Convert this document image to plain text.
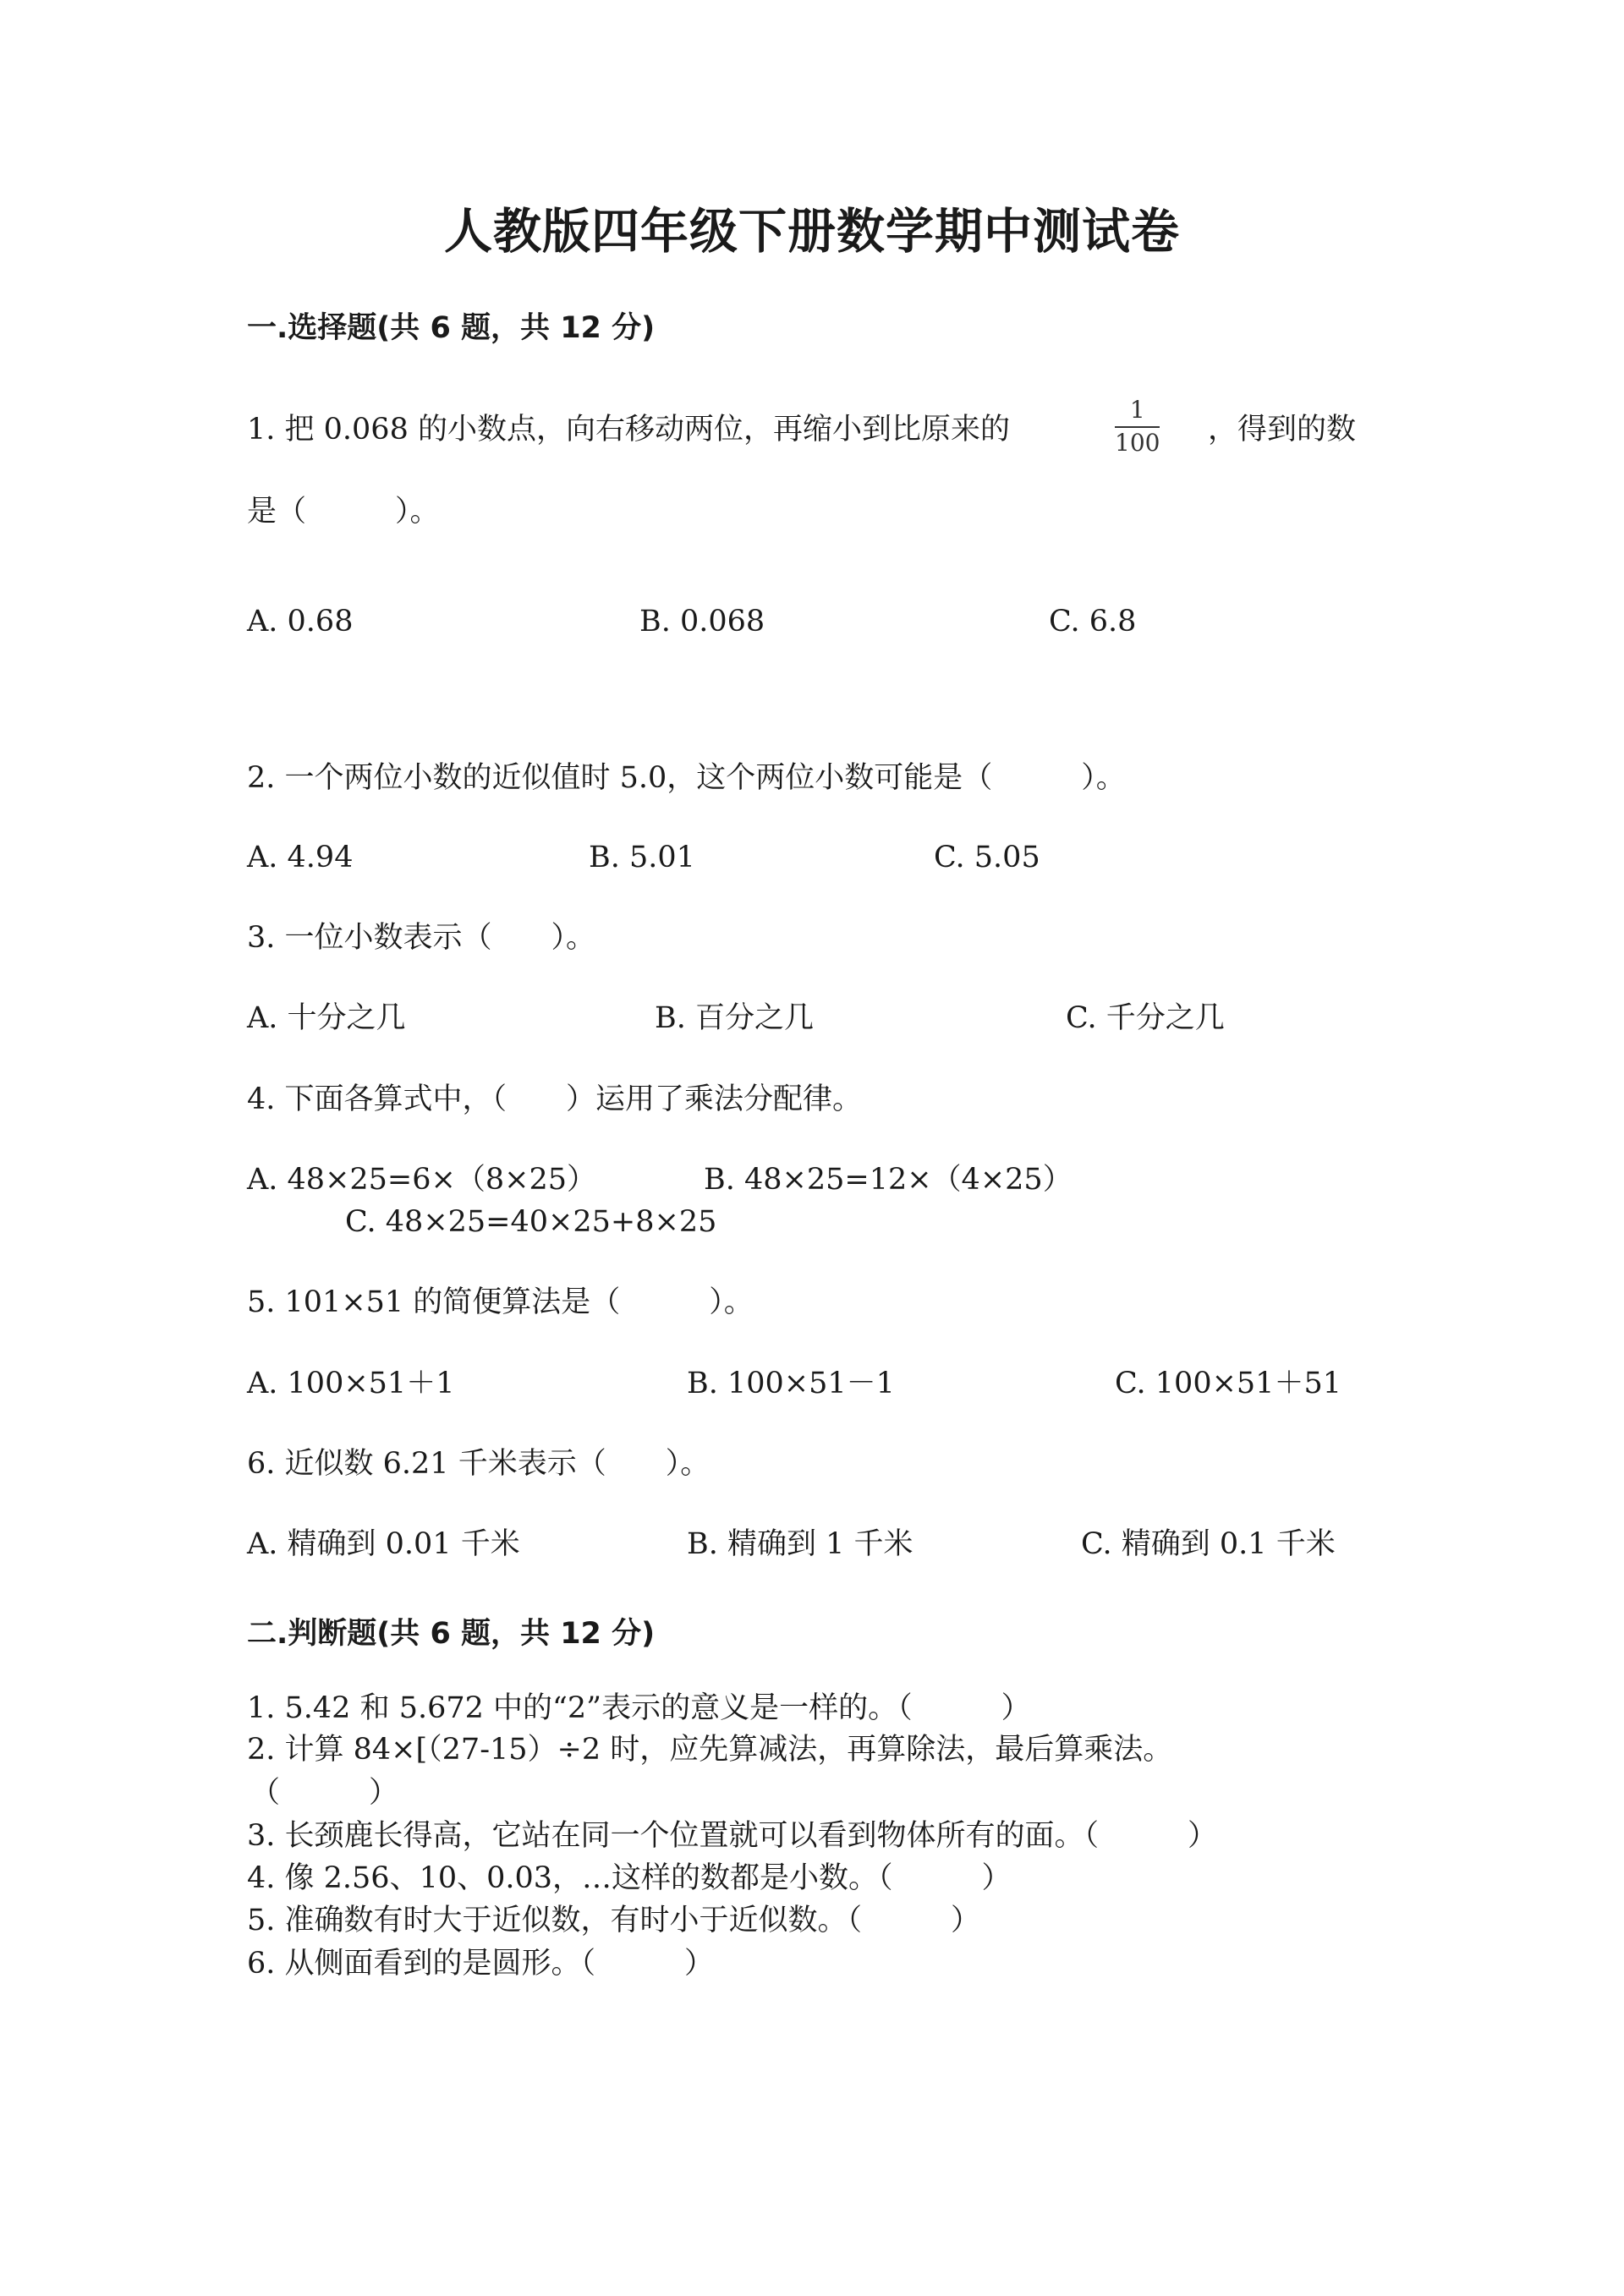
人教版四年级下册数学期中测试卷
一.选择题(共 6 题，共 12 分)
1. 把 0.068 的小数点，向右移动两位，再缩小到比原来的	$\frac{1}{100}$ ，得到的数
是（　　　）。
A. 0.68	B. 0.068	C. 6.8
2. 一个两位小数的近似值时 5.0，这个两位小数可能是（　　　）。
A. 4.94	B. 5.01	C. 5.05
3. 一位小数表示（　　）。
A. 十分之几	B. 百分之几	C. 千分之几
4. 下面各算式中，（　　）运用了乘法分配律。
A. 48×25=6×（8×25）	B. 48×25=12×（4×25）
C. 48×25=40×25+8×25
5. 101×51 的简便算法是（　　　）。
A. 100×51＋1	B. 100×51－1	C. 100×51＋51
6. 近似数 6.21 千米表示（　　）。
A. 精确到 0.01 千米	B. 精确到 1 千米	C. 精确到 0.1 千米
二.判断题(共 6 题，共 12 分)
1. 5.42 和 5.672 中的“2”表示的意义是一样的。（　　　）
2. 计算 84×[（27-15）÷2 时，应先算减法，再算除法，最后算乘法。
（　　　）
3. 长颈鹿长得高，它站在同一个位置就可以看到物体所有的面。（　　　）
4. 像 2.56、10、0.03，…这样的数都是小数。（　　　）
5. 准确数有时大于近似数，有时小于近似数。（　　　）
6. 从侧面看到的是圆形。（　　　）
